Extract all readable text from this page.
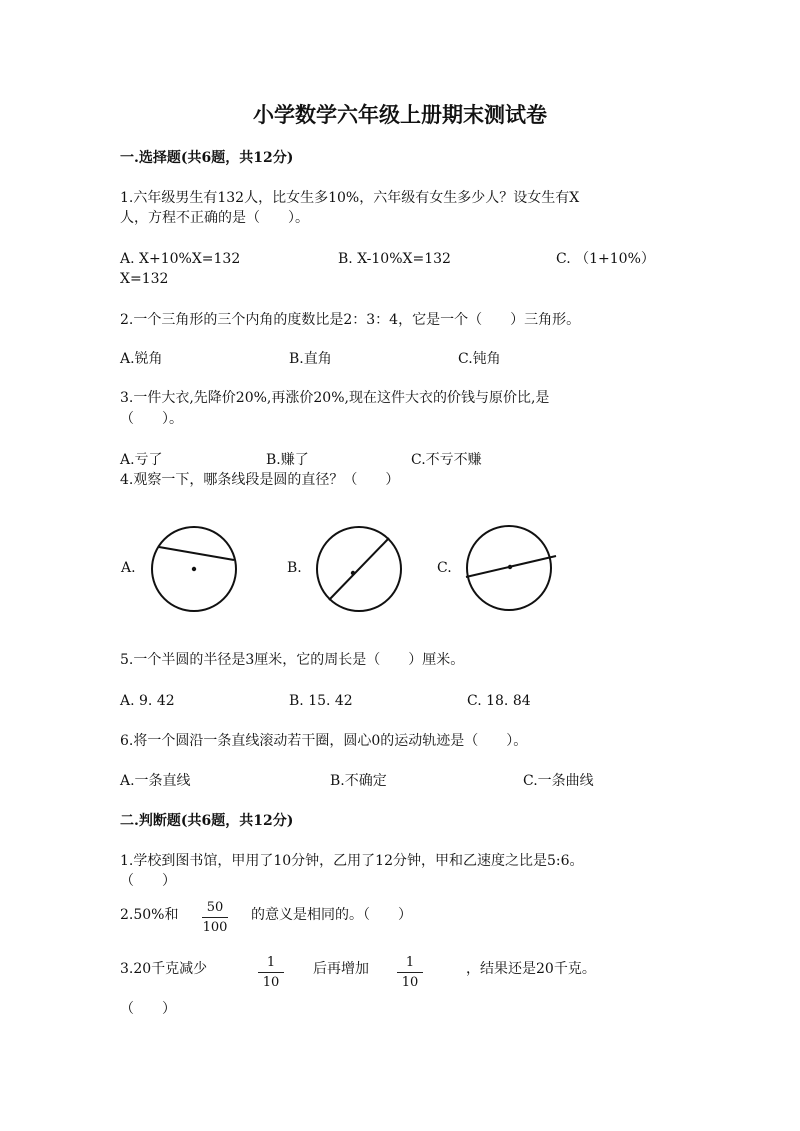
小学数学六年级上册期末测试卷
一.选择题(共6题，共12分)
1.六年级男生有132人，比女生多10%，六年级有女生多少人？设女生有X
人，方程不正确的是（　　）。
A. X+10%X=132	B. X-10%X=132	C. （1+10%）
X=132
2.一个三角形的三个内角的度数比是2：3：4，它是一个（　　）三角形。
A.锐角	B.直角	C.钝角
3.一件大衣,先降价20%,再涨价20%,现在这件大衣的价钱与原价比,是
（　　）。
A.亏了	B.赚了	C.不亏不赚
4.观察一下，哪条线段是圆的直径？（　　）
A.	B.	C.
5.一个半圆的半径是3厘米，它的周长是（　　）厘米。
A. 9. 42	B. 15. 42	C. 18. 84
6.将一个圆沿一条直线滚动若干圈，圆心0的运动轨迹是（　　）。
A.一条直线	B.不确定	C.一条曲线
二.判断题(共6题，共12分)
1.学校到图书馆，甲用了10分钟，乙用了12分钟，甲和乙速度之比是5:6。
（　　）
2.50%和	50
100
的意义是相同的。（　　）
3.20千克减少	1
10
后再增加	1
10
，结果还是20千克。
（　　）
